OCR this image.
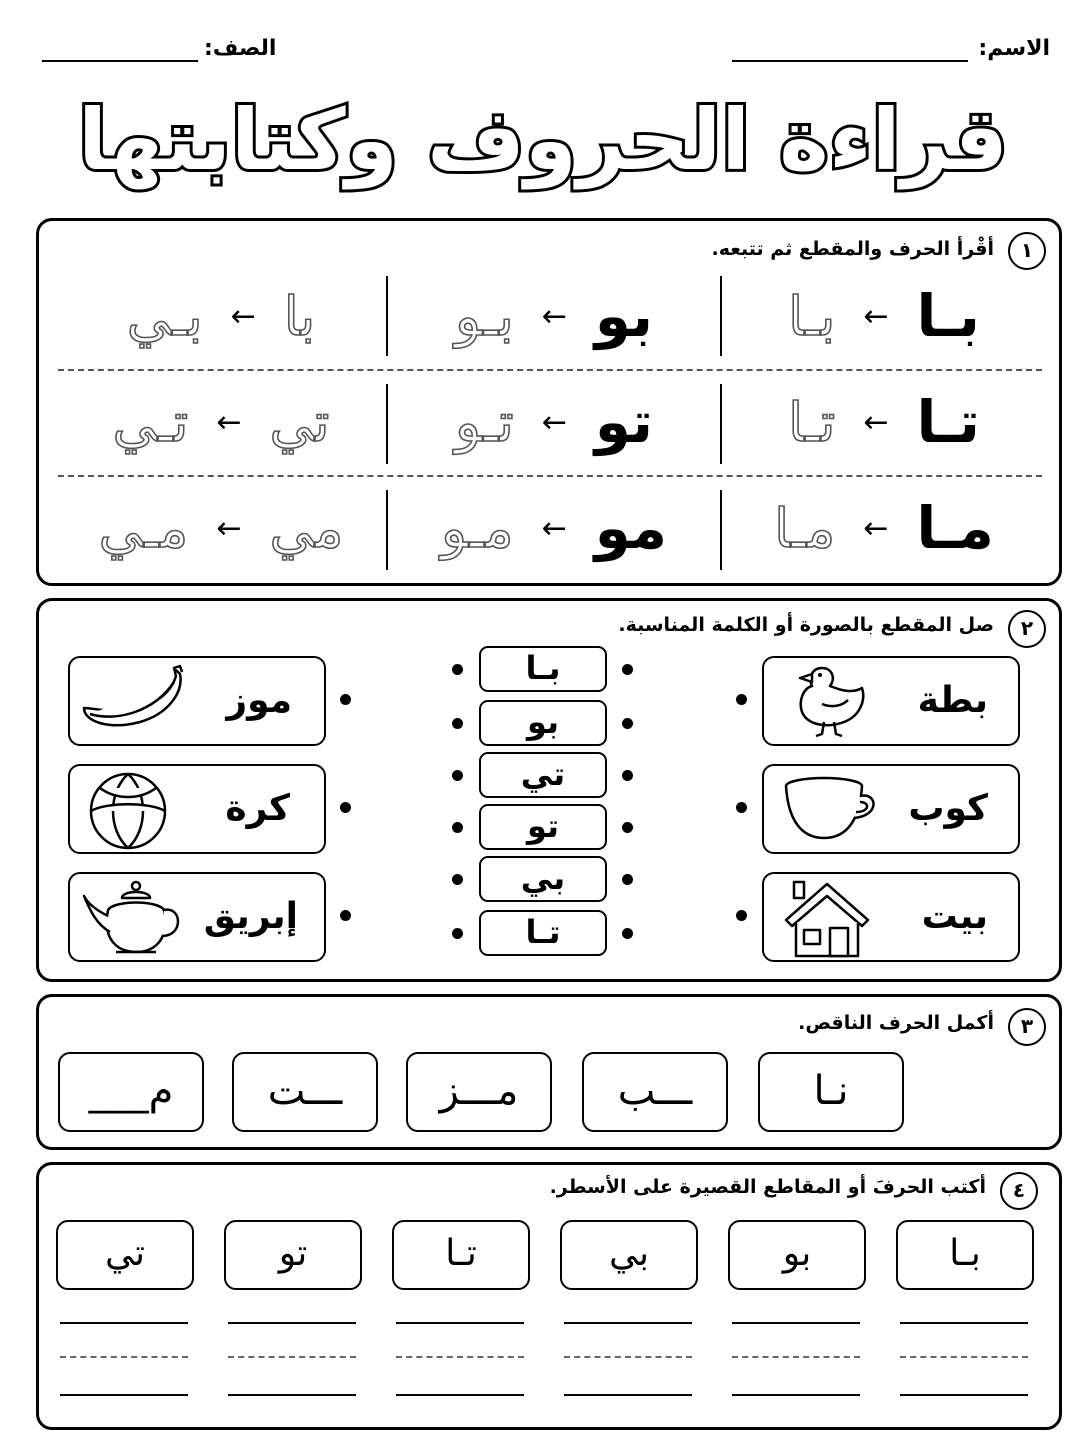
الاسم:
الصف:
قراءة الحروف وكتابتها
١
أقْرأ الحرف والمقطع ثم تتبعه.
بـا
←
بـا
بو
←
بـو
با
←
بـي
تـا
←
تـا
تو
←
تـو
تي
←
تـي
مـا
←
مـا
مو
←
مـو
مي
←
مـي
٢
صل المقطع بالصورة أو الكلمة المناسبة.
بطة
كوب
بيت
بـا
بو
تي
تو
بي
تـا
موز
كرة
إبريق
٣
أكمل الحرف الناقص.
نـا
ـــب
مـــز
ـــت
م___
٤
أكتب الحرفَ أو المقاطع القصيرة على الأسطر.
بـا
بو
بي
تـا
تو
تي
